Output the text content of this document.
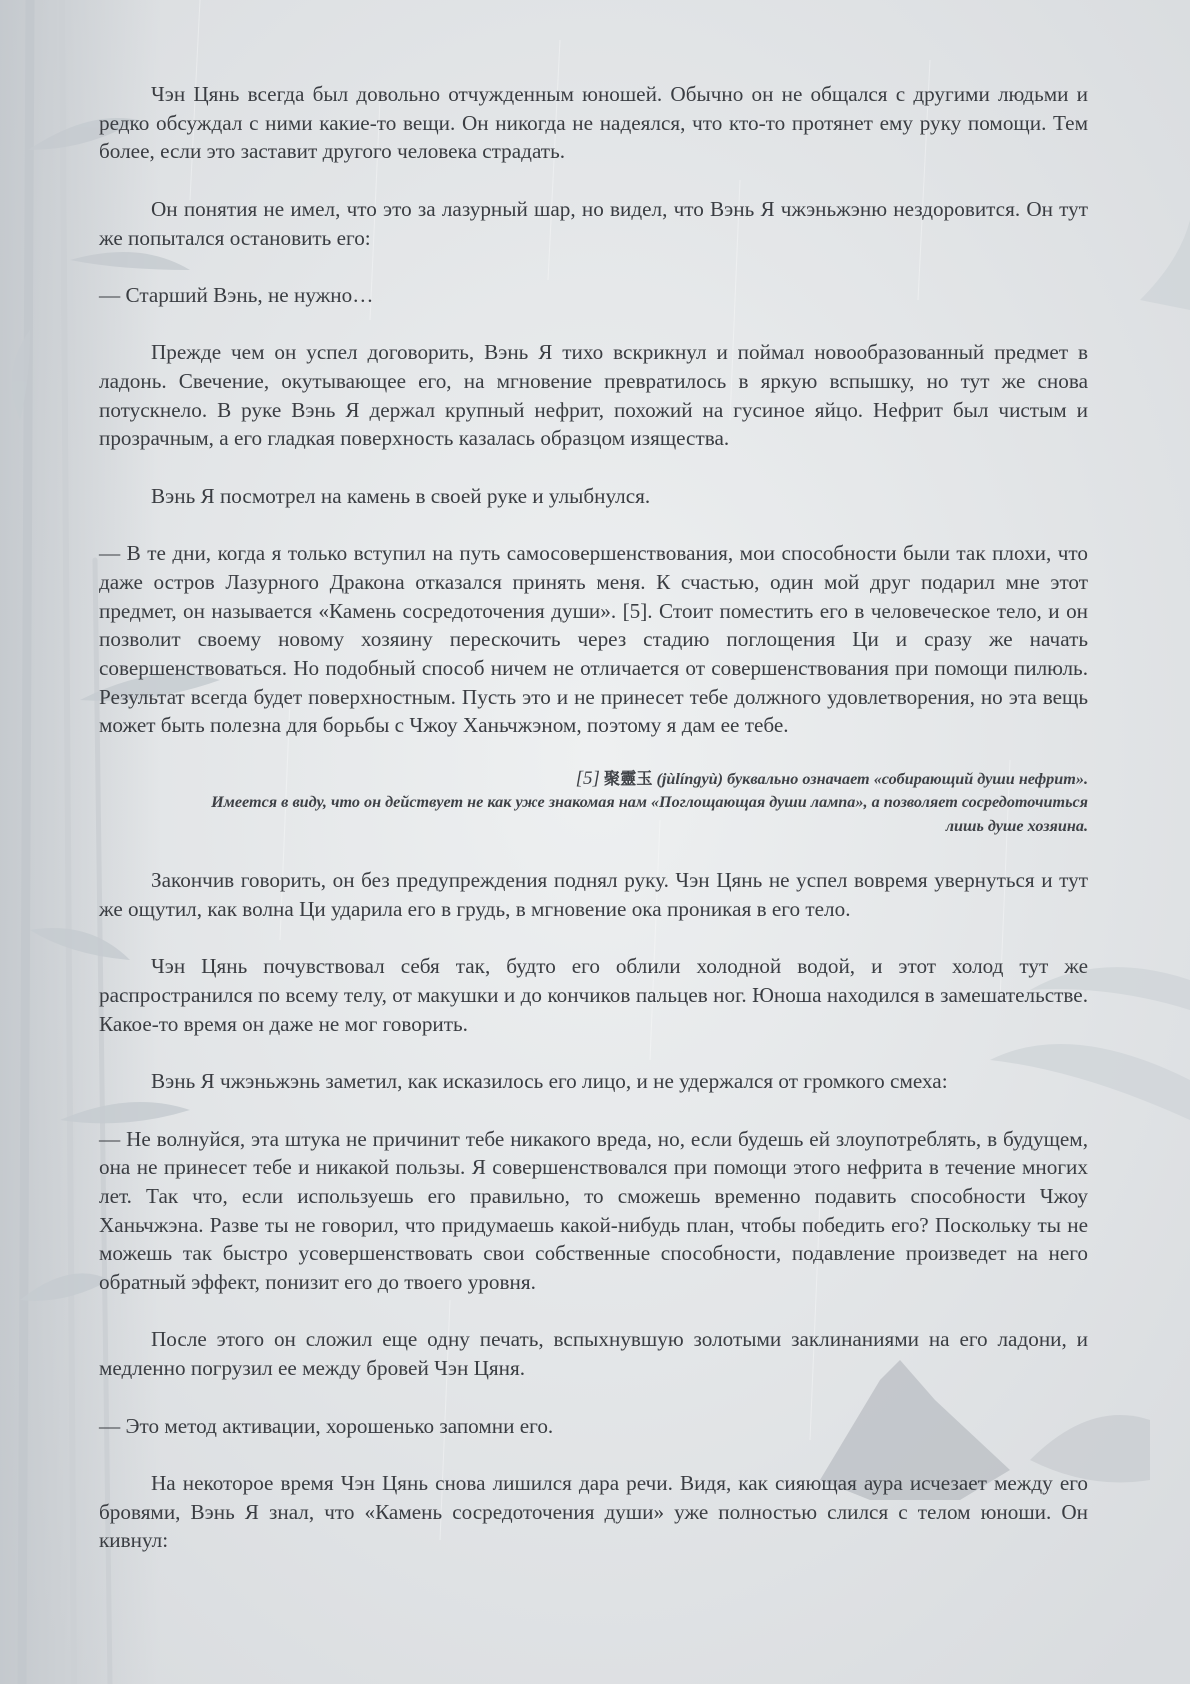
Чэн Цянь всегда был довольно отчужденным юношей. Обычно он не общался с другими людьми и редко обсуждал с ними какие-то вещи. Он никогда не надеялся, что кто-то протянет ему руку помощи. Тем более, если это заставит другого человека страдать.

Он понятия не имел, что это за лазурный шар, но видел, что Вэнь Я чжэньжэню нездоровится. Он тут же попытался остановить его:

— Старший Вэнь, не нужно…

Прежде чем он успел договорить, Вэнь Я тихо вскрикнул и поймал новообразованный предмет в ладонь. Свечение, окутывающее его, на мгновение превратилось в яркую вспышку, но тут же снова потускнело. В руке Вэнь Я держал крупный нефрит, похожий на гусиное яйцо. Нефрит был чистым и прозрачным, а его гладкая поверхность казалась образцом изящества.

Вэнь Я посмотрел на камень в своей руке и улыбнулся.

— В те дни, когда я только вступил на путь самосовершенствования, мои способности были так плохи, что даже остров Лазурного Дракона отказался принять меня. К счастью, один мой друг подарил мне этот предмет, он называется «Камень сосредоточения души». [5]. Стоит поместить его в человеческое тело, и он позволит своему новому хозяину перескочить через стадию поглощения Ци и сразу же начать совершенствоваться. Но подобный способ ничем не отличается от совершенствования при помощи пилюль. Результат всегда будет поверхностным. Пусть это и не принесет тебе должного удовлетворения, но эта вещь может быть полезна для борьбы с Чжоу Ханьчжэном, поэтому я дам ее тебе.

[5] 聚靈玉 (jùlíngyù) буквально означает «собирающий души нефрит».
Имеется в виду, что он действует не как уже знакомая нам «Поглощающая души лампа», а позволяет сосредоточиться лишь душе хозяина.

Закончив говорить, он без предупреждения поднял руку. Чэн Цянь не успел вовремя увернуться и тут же ощутил, как волна Ци ударила его в грудь, в мгновение ока проникая в его тело.

Чэн Цянь почувствовал себя так, будто его облили холодной водой, и этот холод тут же распространился по всему телу, от макушки и до кончиков пальцев ног. Юноша находился в замешательстве. Какое-то время он даже не мог говорить.

Вэнь Я чжэньжэнь заметил, как исказилось его лицо, и не удержался от громкого смеха:

— Не волнуйся, эта штука не причинит тебе никакого вреда, но, если будешь ей злоупотреблять, в будущем, она не принесет тебе и никакой пользы. Я совершенствовался при помощи этого нефрита в течение многих лет. Так что, если используешь его правильно, то сможешь временно подавить способности Чжоу Ханьчжэна. Разве ты не говорил, что придумаешь какой-нибудь план, чтобы победить его? Поскольку ты не можешь так быстро усовершенствовать свои собственные способности, подавление произведет на него обратный эффект, понизит его до твоего уровня.

После этого он сложил еще одну печать, вспыхнувшую золотыми заклинаниями на его ладони, и медленно погрузил ее между бровей Чэн Цяня.

— Это метод активации, хорошенько запомни его.

На некоторое время Чэн Цянь снова лишился дара речи. Видя, как сияющая аура исчезает между его бровями, Вэнь Я знал, что «Камень сосредоточения души» уже полностью слился с телом юноши. Он кивнул:
